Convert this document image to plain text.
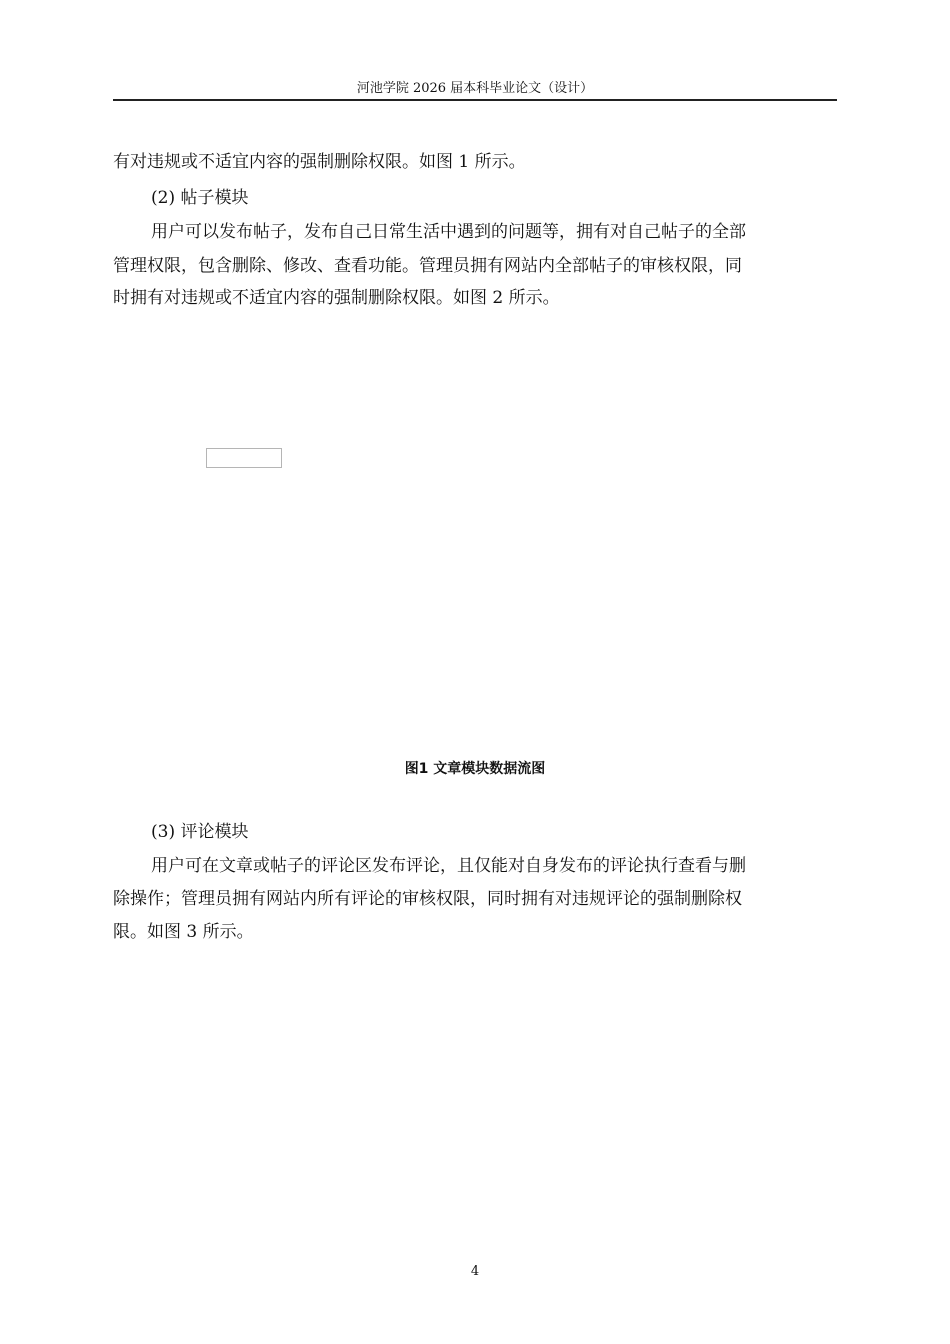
河池学院 2026 届本科毕业论文（设计）

有对违规或不适宜内容的强制删除权限。如图 1 所示。

(2) 帖子模块

用户可以发布帖子，发布自己日常生活中遇到的问题等，拥有对自己帖子的全部

管理权限，包含删除、修改、查看功能。管理员拥有网站内全部帖子的审核权限，同

时拥有对违规或不适宜内容的强制删除权限。如图 2 所示。

图1 文章模块数据流图
(3) 评论模块

用户可在文章或帖子的评论区发布评论，且仅能对自身发布的评论执行查看与删

除操作；管理员拥有网站内所有评论的审核权限，同时拥有对违规评论的强制删除权

限。如图 3 所示。

4
